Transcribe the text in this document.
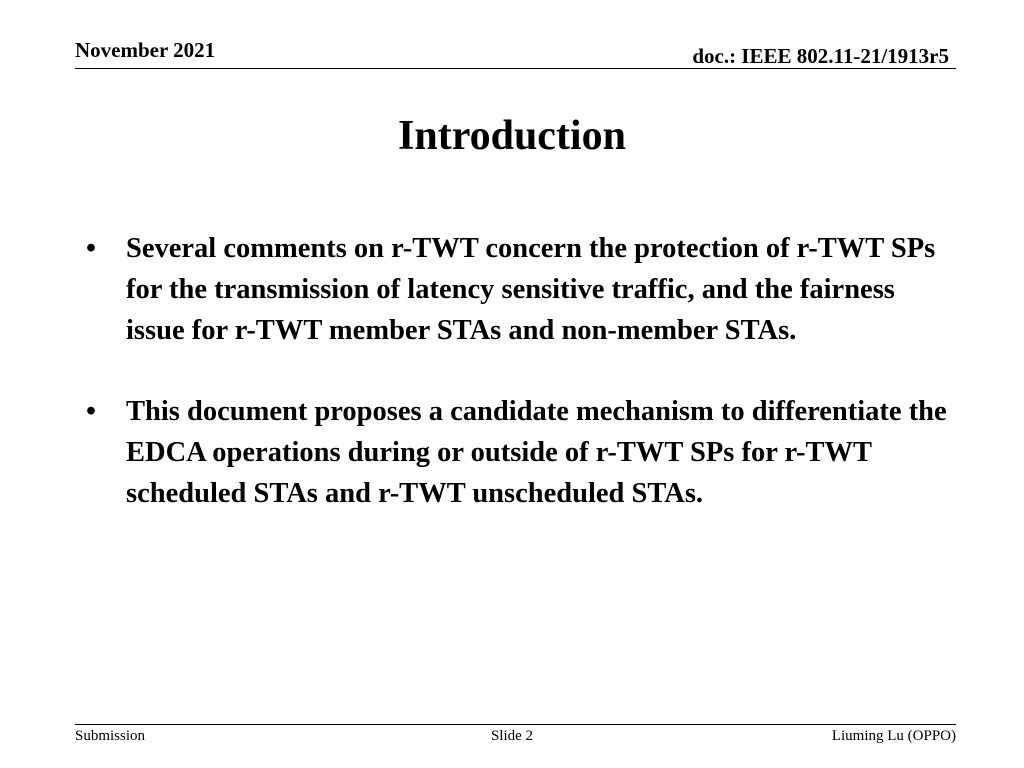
November 2021	doc.: IEEE 802.11-21/1913r5
Introduction
• Several comments on r-TWT concern the protection of r-TWT SPs for the transmission of latency sensitive traffic, and the fairness issue for r-TWT member STAs and non-member STAs.
• This document proposes a candidate mechanism to differentiate the EDCA operations during or outside of r-TWT SPs for r-TWT scheduled STAs and r-TWT unscheduled STAs.
Submission	Slide 2	Liuming Lu (OPPO)
